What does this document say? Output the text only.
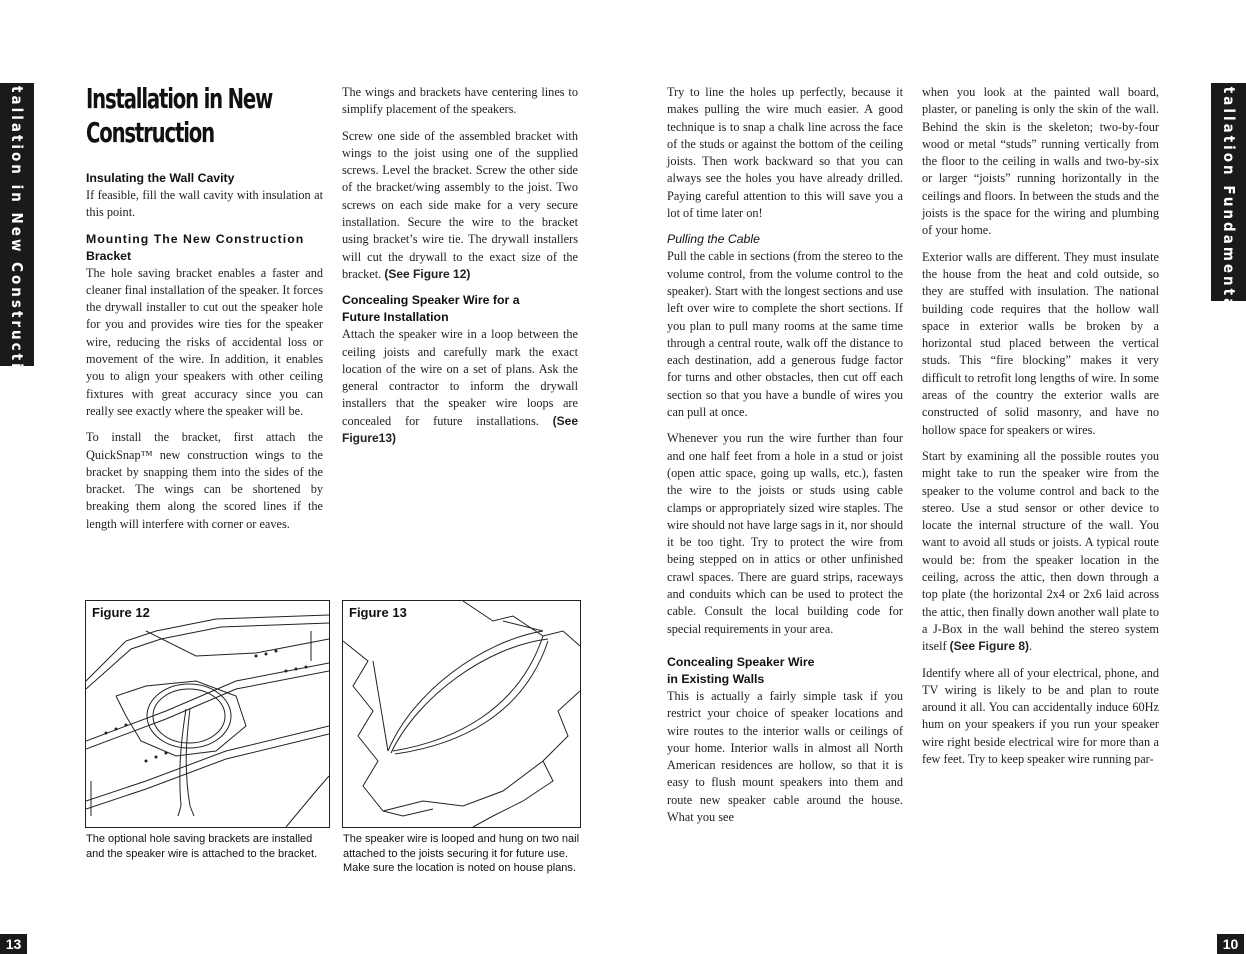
Installation in New Construction
13
Installation in New
Construction

Insulating the Wall Cavity

If feasible, fill the wall cavity with insulation at this point.

Mounting The New Construction
Bracket

The hole saving bracket enables a faster and cleaner final installation of the speaker. It forces the drywall installer to cut out the speaker hole for you and provides wire ties for the speaker wire, reducing the risks of accidental loss or movement of the wire. In addition, it enables you to align your speakers with other ceiling fixtures with great accuracy since you can really see exactly where the speaker will be.

To install the bracket, first attach the QuickSnap™ new construction wings to the bracket by snapping them into the sides of the bracket. The wings can be shortened by breaking them along the scored lines if the length will interfere with corner or eaves.

The wings and brackets have centering lines to simplify placement of the speakers.

Screw one side of the assembled bracket with wings to the joist using one of the supplied screws. Level the bracket. Screw the other side of the bracket/wing assembly to the joist. Two screws on each side make for a very secure installation. Secure the wire to the bracket using bracket’s wire tie. The drywall installers will cut the drywall to the exact size of the bracket. (See Figure 12)

Concealing Speaker Wire for a
Future Installation

Attach the speaker wire in a loop between the ceiling joists and carefully mark the exact location of the wire on a set of plans. Ask the general contractor to inform the drywall installers that the speaker wire loops are concealed for future installations. (See Figure13)

Figure 12
The optional hole saving brackets are installed and the speaker wire is attached to the bracket.
Figure 13
The speaker wire is looped and hung on two nail attached to the joists securing it for future use. Make sure the location is noted on house plans.

Try to line the holes up perfectly, because it makes pulling the wire much easier. A good technique is to snap a chalk line across the face of the studs or against the bottom of the ceiling joists. Then work backward so that you can always see the holes you have already drilled. Paying careful attention to this will save you a lot of time later on!

Pulling the Cable

Pull the cable in sections (from the stereo to the volume control, from the volume control to the speaker). Start with the longest sections and use left over wire to complete the short sections. If you plan to pull many rooms at the same time through a central route, walk off the distance to each destination, add a generous fudge factor for turns and other obstacles, then cut off each section so that you have a bundle of wires you can pull at once.

Whenever you run the wire further than four and one half feet from a hole in a stud or joist (open attic space, going up walls, etc.), fasten the wire to the joists or studs using cable clamps or appropriately sized wire staples. The wire should not have large sags in it, nor should it be too tight. Try to protect the wire from being stepped on in attics or other unfinished crawl spaces. There are guard strips, raceways and conduits which can be used to protect the cable. Consult the local building code for special requirements in your area.

Concealing Speaker Wire
in Existing Walls

This is actually a fairly simple task if you restrict your choice of speaker locations and wire routes to the interior walls or ceilings of your home. Interior walls in almost all North American residences are hollow, so that it is easy to flush mount speakers into them and route new speaker cable around the house. What you see

when you look at the painted wall board, plaster, or paneling is only the skin of the wall. Behind the skin is the skeleton; two-by-four wood or metal “studs” running vertically from the floor to the ceiling in walls and two-by-six or larger “joists” running horizontally in the ceilings and floors. In between the studs and the joists is the space for the wiring and plumbing of your home.

Exterior walls are different. They must insulate the house from the heat and cold outside, so they are stuffed with insulation. The national building code requires that the hollow wall space in exterior walls be broken by a horizontal stud placed between the vertical studs. This “fire blocking” makes it very difficult to retrofit long lengths of wire. In some areas of the country the exterior walls are constructed of solid masonry, and have no hollow space for speakers or wires.

Start by examining all the possible routes you might take to run the speaker wire from the speaker to the volume control and back to the stereo. Use a stud sensor or other device to locate the internal structure of the wall. You want to avoid all studs or joists. A typical route would be: from the speaker location in the ceiling, across the attic, then down through a top plate (the horizontal 2x4 or 2x6 laid across the attic, then finally down another wall plate to a J-Box in the wall behind the stereo system itself (See Figure 8).

Identify where all of your electrical, phone, and TV wiring is likely to be and plan to route around it all. You can accidentally induce 60Hz hum on your speakers if you run your speaker wire right beside electrical wire for more than a few feet. Try to keep speaker wire running par-

Installation Fundamentals
10
